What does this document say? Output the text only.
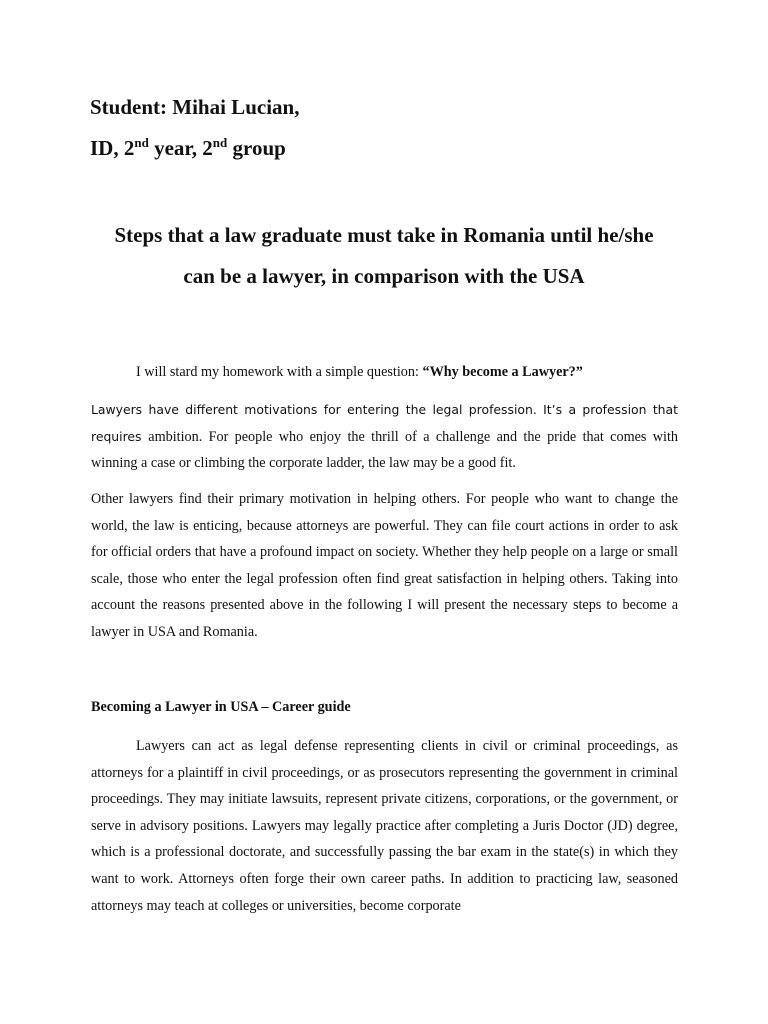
Student: Mihai Lucian,
ID, 2nd year, 2nd group
Steps that a law graduate must take in Romania until he/she
can be a lawyer, in comparison with the USA
I will stard my homework with a simple question: “Why become a Lawyer?”
Lawyers have different motivations for entering the legal profession. It’s a profession that requires ambition. For people who enjoy the thrill of a challenge and the pride that comes with winning a case or climbing the corporate ladder, the law may be a good fit.
Other lawyers find their primary motivation in helping others. For people who want to change the world, the law is enticing, because attorneys are powerful. They can file court actions in order to ask for official orders that have a profound impact on society. Whether they help people on a large or small scale, those who enter the legal profession often find great satisfaction in helping others. Taking into account the reasons presented above in the following I will present the necessary steps to become a lawyer in USA and Romania.
Becoming a Lawyer in USA – Career guide
Lawyers can act as legal defense representing clients in civil or criminal proceedings, as attorneys for a plaintiff in civil proceedings, or as prosecutors representing the government in criminal proceedings. They may initiate lawsuits, represent private citizens, corporations, or the government, or serve in advisory positions. Lawyers may legally practice after completing a Juris Doctor (JD) degree, which is a professional doctorate, and successfully passing the bar exam in the state(s) in which they want to work. Attorneys often forge their own career paths. In addition to practicing law, seasoned attorneys may teach at colleges or universities, become corporate
